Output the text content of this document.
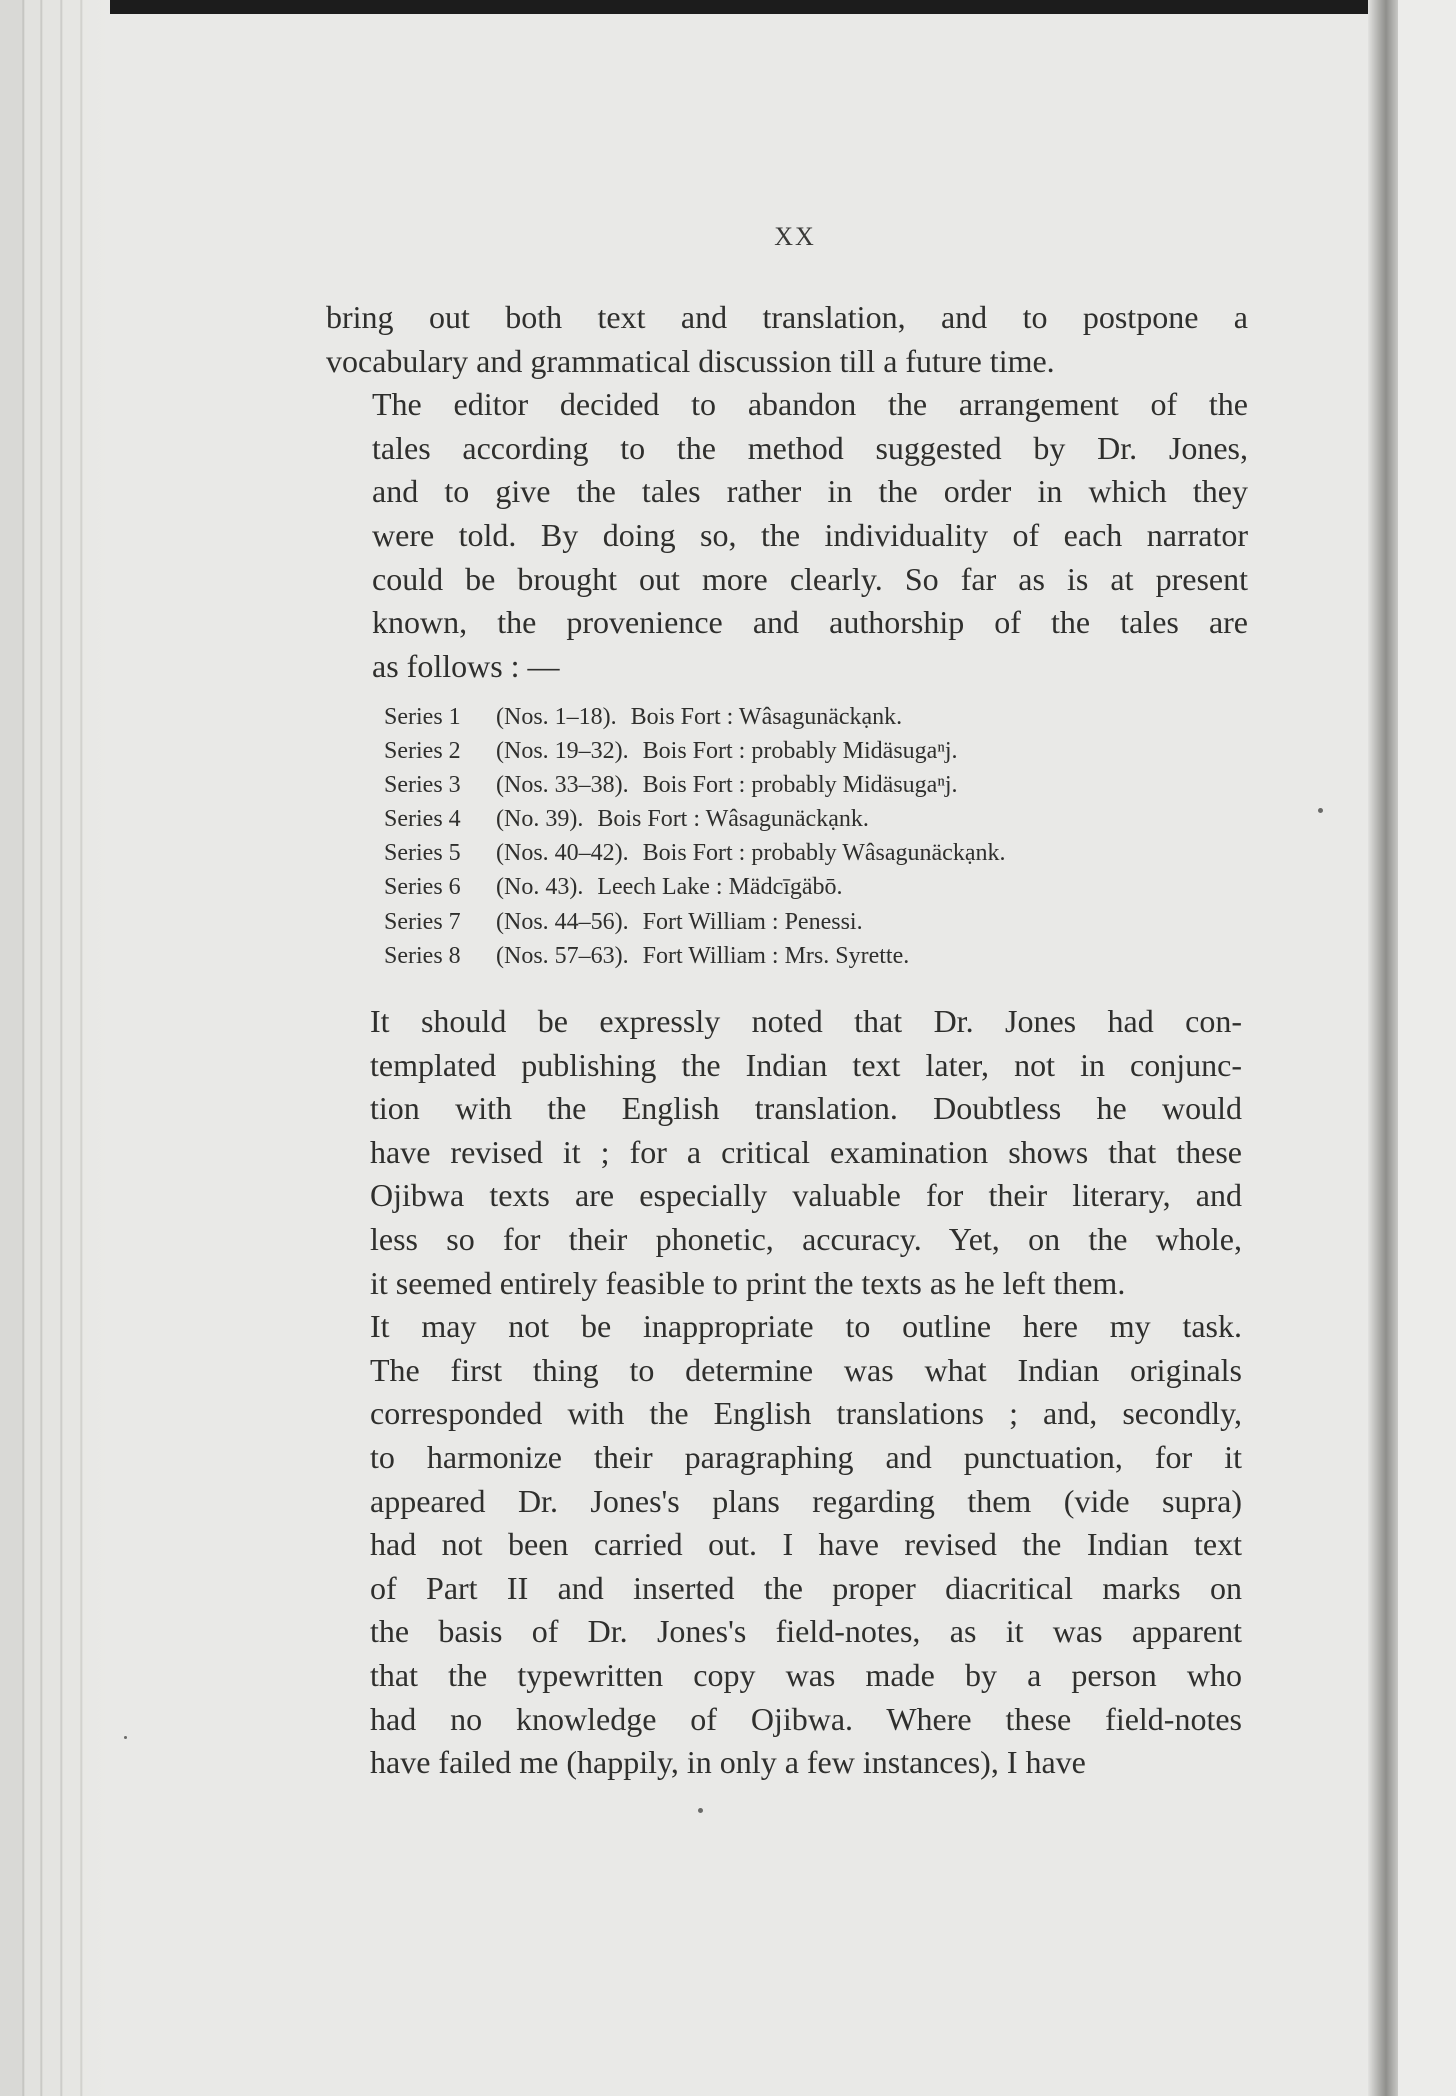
XX

bring out both text and translation, and to postpone a
vocabulary and grammatical discussion till a future time.

The editor decided to abandon the arrangement of the
tales according to the method suggested by Dr. Jones,
and to give the tales rather in the order in which they
were told. By doing so, the individuality of each narrator
could be brought out more clearly. So far as is at present
known, the provenience and authorship of the tales are
as follows : —

Series 1 (Nos. 1–18). Bois Fort : Wâsagunäckạnk.
Series 2 (Nos. 19–32). Bois Fort : probably Midäsugaⁿj.
Series 3 (Nos. 33–38). Bois Fort : probably Midäsugaⁿj.
Series 4 (No. 39). Bois Fort : Wâsagunäckạnk.
Series 5 (Nos. 40–42). Bois Fort : probably Wâsagunäckạnk.
Series 6 (No. 43). Leech Lake : Mädcīgäbō.
Series 7 (Nos. 44–56). Fort William : Penessi.
Series 8 (Nos. 57–63). Fort William : Mrs. Syrette.

It should be expressly noted that Dr. Jones had con-
templated publishing the Indian text later, not in conjunc-
tion with the English translation. Doubtless he would
have revised it ; for a critical examination shows that these
Ojibwa texts are especially valuable for their literary, and
less so for their phonetic, accuracy. Yet, on the whole,
it seemed entirely feasible to print the texts as he left them.

It may not be inappropriate to outline here my task.
The first thing to determine was what Indian originals
corresponded with the English translations ; and, secondly,
to harmonize their paragraphing and punctuation, for it
appeared Dr. Jones's plans regarding them (vide supra)
had not been carried out. I have revised the Indian text
of Part II and inserted the proper diacritical marks on
the basis of Dr. Jones's field-notes, as it was apparent
that the typewritten copy was made by a person who
had no knowledge of Ojibwa. Where these field-notes
have failed me (happily, in only a few instances), I have
